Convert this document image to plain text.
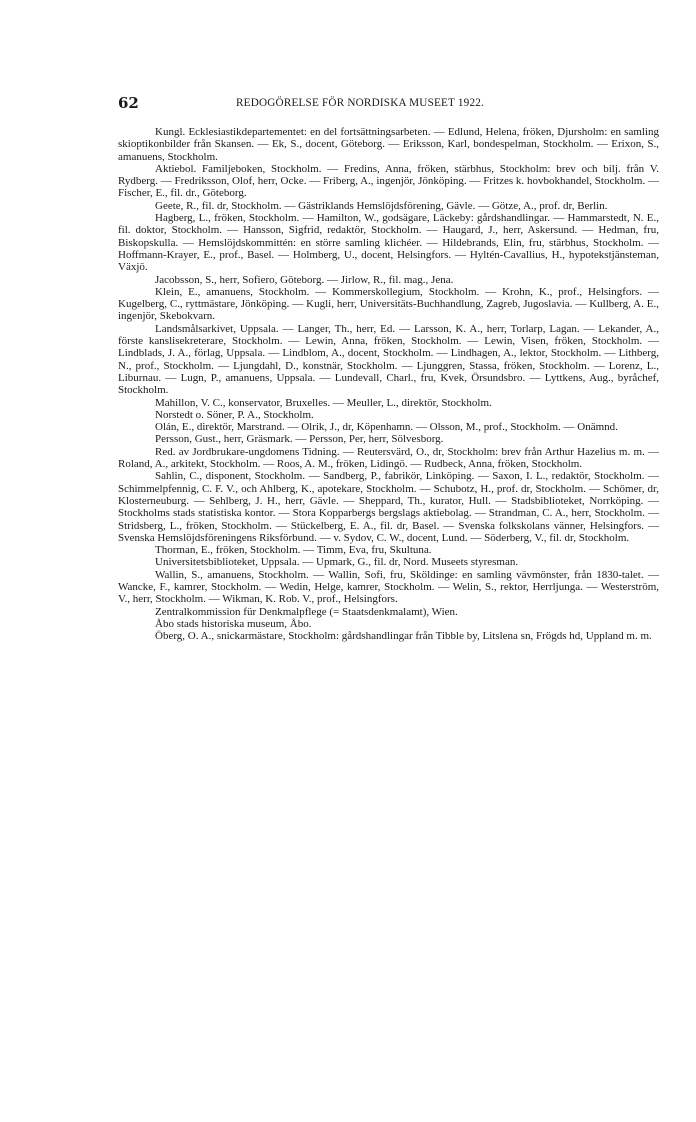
62	REDOGÖRELSE FÖR NORDISKA MUSEET 1922.

Kungl. Ecklesiastikdepartementet: en del fortsättningsarbeten. — Edlund, Helena, fröken, Djursholm: en samling skioptikonbilder från Skansen. — Ek, S., docent, Göteborg. — Eriksson, Karl, bondespelman, Stockholm. — Erixon, S., amanuens, Stockholm.

Aktiebol. Familjeboken, Stockholm. — Fredins, Anna, fröken, stärbhus, Stockholm: brev och bilj. från V. Rydberg. — Fredriksson, Olof, herr, Ocke. — Friberg, A., ingenjör, Jönköping. — Fritzes k. hovbokhandel, Stockholm. — Fischer, E., fil. dr., Göteborg.

Geete, R., fil. dr, Stockholm. — Gästriklands Hemslöjdsförening, Gävle. — Götze, A., prof. dr, Berlin.

Hagberg, L., fröken, Stockholm. — Hamilton, W., godsägare, Läckeby: gårdshandlingar. — Hammarstedt, N. E., fil. doktor, Stockholm. — Hansson, Sigfrid, redaktör, Stockholm. — Haugard, J., herr, Askersund. — Hedman, fru, Biskopskulla. — Hemslöjdskommittén: en större samling klichéer. — Hildebrands, Elin, fru, stärbhus, Stockholm. — Hoffmann-Krayer, E., prof., Basel. — Holmberg, U., docent, Helsingfors. — Hyltén-Cavallius, H., hypotekstjänsteman, Växjö.

Jacobsson, S., herr, Sofiero, Göteborg. — Jirlow, R., fil. mag., Jena.

Klein, E., amanuens, Stockholm. — Kommerskollegium, Stockholm. — Krohn, K., prof., Helsingfors. — Kugelberg, C., ryttmästare, Jönköping. — Kugli, herr, Universitäts-Buchhandlung, Zagreb, Jugoslavia. — Kullberg, A. E., ingenjör, Skebokvarn.

Landsmålsarkivet, Uppsala. — Langer, Th., herr, Ed. — Larsson, K. A., herr, Torlarp, Lagan. — Lekander, A., förste kanslisekreterare, Stockholm. — Lewin, Anna, fröken, Stockholm. — Lewin, Visen, fröken, Stockholm. — Lindblads, J. A., förlag, Uppsala. — Lindblom, A., docent, Stockholm. — Lindhagen, A., lektor, Stockholm. — Lithberg, N., prof., Stockholm. — Ljungdahl, D., konstnär, Stockholm. — Ljunggren, Stassa, fröken, Stockholm. — Lorenz, L., Liburnau. — Lugn, P., amanuens, Uppsala. — Lundevall, Charl., fru, Kvek, Örsundsbro. — Lyttkens, Aug., byråchef, Stockholm.

Mahillon, V. C., konservator, Bruxelles. — Meuller, L., direktör, Stockholm.

Norstedt o. Söner, P. A., Stockholm.

Olán, E., direktör, Marstrand. — Olrik, J., dr, Köpenhamn. — Olsson, M., prof., Stockholm. — Onämnd.

Persson, Gust., herr, Gräsmark. — Persson, Per, herr, Sölvesborg.

Red. av Jordbrukare-ungdomens Tidning. — Reutersvärd, O., dr, Stockholm: brev från Arthur Hazelius m. m. — Roland, A., arkitekt, Stockholm. — Roos, A. M., fröken, Lidingö. — Rudbeck, Anna, fröken, Stockholm.

Sahlin, C., disponent, Stockholm. — Sandberg, P., fabrikör, Linköping. — Saxon, I. L., redaktör, Stockholm. — Schimmelpfennig, C. F. V., och Ahlberg, K., apotekare, Stockholm. — Schubotz, H., prof. dr, Stockholm. — Schömer, dr, Klosterneuburg. — Sehlberg, J. H., herr, Gävle. — Sheppard, Th., kurator, Hull. — Stadsbiblioteket, Norrköping. — Stockholms stads statistiska kontor. — Stora Kopparbergs bergslags aktiebolag. — Strandman, C. A., herr, Stockholm. — Stridsberg, L., fröken, Stockholm. — Stückelberg, E. A., fil. dr, Basel. — Svenska folkskolans vänner, Helsingfors. — Svenska Hemslöjdsföreningens Riksförbund. — v. Sydov, C. W., docent, Lund. — Söderberg, V., fil. dr, Stockholm.

Thorman, E., fröken, Stockholm. — Timm, Eva, fru, Skultuna.

Universitetsbiblioteket, Uppsala. — Upmark, G., fil. dr, Nord. Museets styresman.

Wallin, S., amanuens, Stockholm. — Wallin, Sofi, fru, Sköldinge: en samling vävmönster, från 1830-talet. — Wancke, F., kamrer, Stockholm. — Wedin, Helge, kamrer, Stockholm. — Welin, S., rektor, Herrljunga. — Westerström, V., herr, Stockholm. — Wikman, K. Rob. V., prof., Helsingfors.

Zentralkommission für Denkmalpflege (= Staatsdenkmalamt), Wien.

Åbo stads historiska museum, Åbo.

Öberg, O. A., snickarmästare, Stockholm: gårdshandlingar från Tibble by, Litslena sn, Frögds hd, Uppland m. m.
